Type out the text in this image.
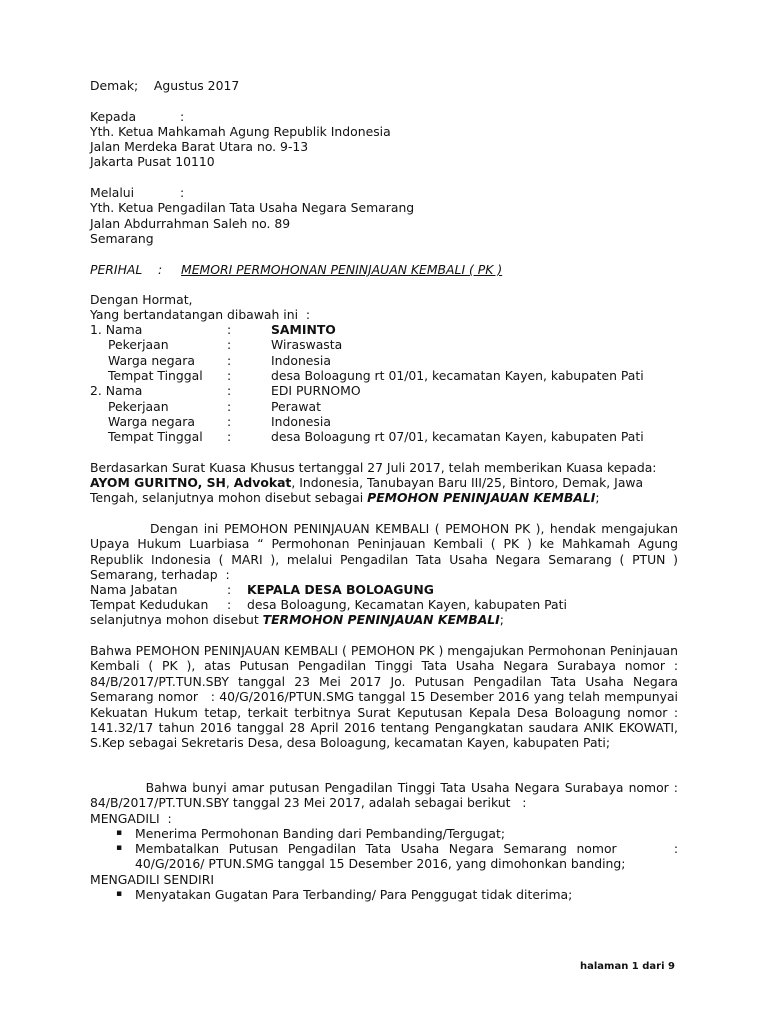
Demak;    Agustus 2017
Kepada	:
Yth. Ketua Mahkamah Agung Republik Indonesia
Jalan Merdeka Barat Utara no. 9-13
Jakarta Pusat 10110
Melalui	:
Yth. Ketua Pengadilan Tata Usaha Negara Semarang
Jalan Abdurrahman Saleh no. 89
Semarang
PERIHAL : MEMORI PERMOHONAN PENINJAUAN KEMBALI ( PK )
Dengan Hormat,
Yang bertandatangan dibawah ini  :
1. Nama	:	SAMINTO
Pekerjaan	:	Wiraswasta
Warga negara	:	Indonesia
Tempat Tinggal :	desa Boloagung rt 01/01, kecamatan Kayen, kabupaten Pati
2. Nama	:	EDI PURNOMO
Pekerjaan	:	Perawat
Warga negara	:	Indonesia
Tempat Tinggal :	desa Boloagung rt 07/01, kecamatan Kayen, kabupaten Pati
Berdasarkan Surat Kuasa Khusus tertanggal 27 Juli 2017, telah memberikan Kuasa kepada:
AYOM GURITNO, SH, Advokat, Indonesia, Tanubayan Baru III/25, Bintoro, Demak, Jawa
Tengah, selanjutnya mohon disebut sebagai PEMOHON PENINJAUAN KEMBALI;
Dengan ini PEMOHON PENINJAUAN KEMBALI ( PEMOHON PK ), hendak mengajukan Upaya Hukum Luarbiasa “ Permohonan Peninjauan Kembali ( PK ) ke Mahkamah Agung Republik Indonesia ( MARI ), melalui Pengadilan Tata Usaha Negara Semarang ( PTUN ) Semarang, terhadap  :
Nama Jabatan	: KEPALA DESA BOLOAGUNG
Tempat Kedudukan : desa Boloagung, Kecamatan Kayen, kabupaten Pati
selanjutnya mohon disebut TERMOHON PENINJAUAN KEMBALI;
Bahwa PEMOHON PENINJAUAN KEMBALI ( PEMOHON PK ) mengajukan Permohonan Peninjauan Kembali ( PK ), atas Putusan Pengadilan Tinggi Tata Usaha Negara Surabaya nomor : 84/B/2017/PT.TUN.SBY tanggal 23 Mei 2017 Jo. Putusan Pengadilan Tata Usaha Negara Semarang nomor   : 40/G/2016/PTUN.SMG tanggal 15 Desember 2016 yang telah mempunyai Kekuatan Hukum tetap, terkait terbitnya Surat Keputusan Kepala Desa Boloagung nomor : 141.32/17 tahun 2016 tanggal 28 April 2016 tentang Pengangkatan saudara ANIK EKOWATI, S.Kep sebagai Sekretaris Desa, desa Boloagung, kecamatan Kayen, kabupaten Pati;
Bahwa bunyi amar putusan Pengadilan Tinggi Tata Usaha Negara Surabaya nomor : 84/B/2017/PT.TUN.SBY tanggal 23 Mei 2017, adalah sebagai berikut   :
MENGADILI  :
▪ Menerima Permohonan Banding dari Pembanding/Tergugat;
▪ Membatalkan Putusan Pengadilan Tata Usaha Negara Semarang nomor      : 40/G/2016/ PTUN.SMG tanggal 15 Desember 2016, yang dimohonkan banding;
MENGADILI SENDIRI
▪ Menyatakan Gugatan Para Terbanding/ Para Penggugat tidak diterima;
halaman 1 dari 9
